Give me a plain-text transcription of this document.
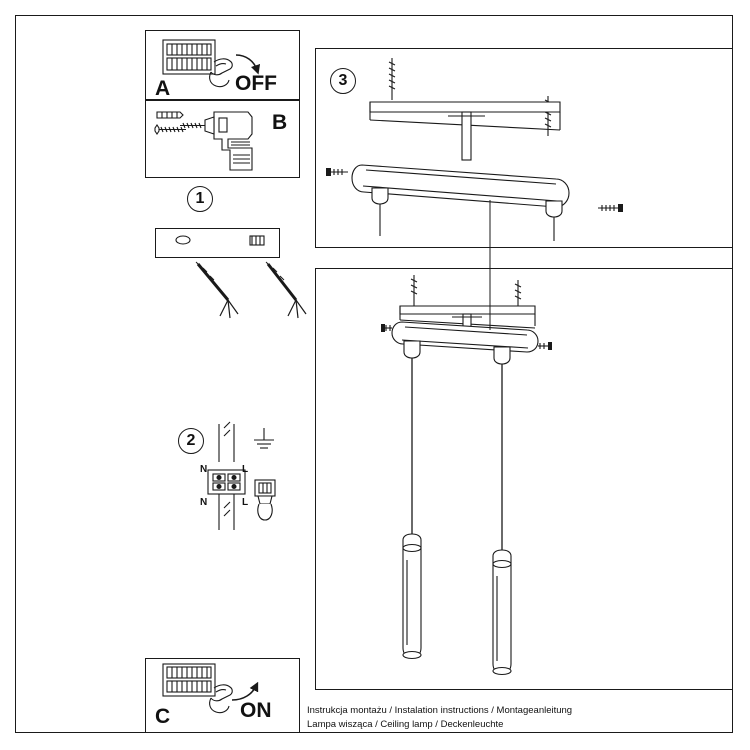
A	OFF
B
1
2
3
N	L
N	L
C	ON	Instrukcja montażu / Instalation instructions / Montageanleitung
Lampa wisząca / Ceiling lamp / Deckenleuchte
